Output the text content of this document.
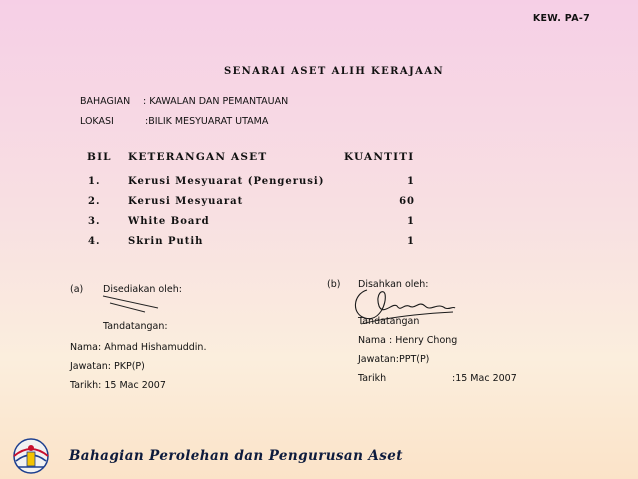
KEW. PA-7
SENARAI ASET ALIH KERAJAAN
BAHAGIAN : KAWALAN DAN PEMANTAUAN
LOKASI	:BILIK MESYUARAT UTAMA
BIL KETERANGAN ASET	KUANTITI
1.	Kerusi Mesyuarat (Pengerusi)	1
2.	Kerusi Mesyuarat	60
3.	White Board	1
4.	Skrin Putih	1
(a) Disediakan oleh:
Tandatangan:
Nama: Ahmad Hishamuddin.
Jawatan: PKP(P)
Tarikh: 15 Mac 2007
(b) Disahkan oleh:
Tandatangan
Nama : Henry Chong
Jawatan:PPT(P)
Tarikh	:15 Mac 2007
Bahagian Perolehan dan Pengurusan Aset
